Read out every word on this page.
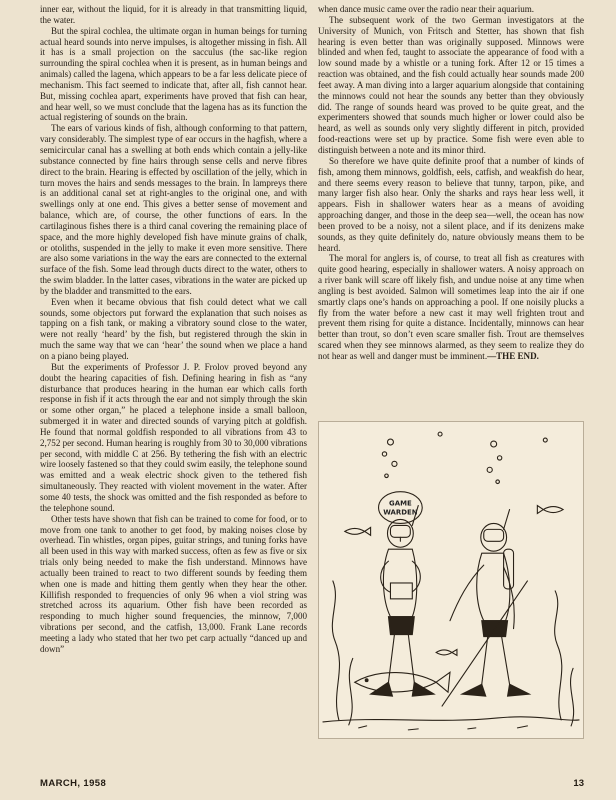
inner ear, without the liquid, for it is already in that transmitting liquid, the water.

But the spiral cochlea, the ultimate organ in human beings for turning actual heard sounds into nerve impulses, is altogether missing in fish. All it has is a small projection on the sacculus (the sac-like region surrounding the spiral cochlea when it is present, as in human beings and animals) called the lagena, which appears to be a far less delicate piece of mechanism. This fact seemed to indicate that, after all, fish cannot hear. But, missing cochlea apart, experiments have proved that fish can hear, and hear well, so we must conclude that the lagena has as its function the actual registering of sounds on the brain.

The ears of various kinds of fish, although conforming to that pattern, vary considerably. The simplest type of ear occurs in the hagfish, where a semicircular canal has a swelling at both ends which contain a jelly-like substance connected by fine hairs through sense cells and nerve fibres direct to the brain. Hearing is effected by oscillation of the jelly, which in turn moves the hairs and sends messages to the brain. In lampreys there is an additional canal set at right-angles to the original one, and with swellings only at one end. This gives a better sense of movement and balance, which are, of course, the other functions of ears. In the cartilaginous fishes there is a third canal covering the remaining place of space, and the more highly developed fish have minute grains of chalk, or otoliths, suspended in the jelly to make it even more sensitive. There are also some variations in the way the ears are connected to the external surface of the fish. Some lead through ducts direct to the water, others to the swim bladder. In the latter cases, vibrations in the water are picked up by the bladder and transmitted to the ears.

Even when it became obvious that fish could detect what we call sounds, some objectors put forward the explanation that such noises as tapping on a fish tank, or making a vibratory sound close to the water, were not really ‘heard’ by the fish, but registered through the skin in much the same way that we can ‘hear’ the sound when we place a hand on a piano being played.

But the experiments of Professor J. P. Frolov proved beyond any doubt the hearing capacities of fish. Defining hearing in fish as “any disturbance that produces hearing in the human ear which calls forth response in fish if it acts through the ear and not simply through the skin or some other organ,” he placed a telephone inside a small balloon, submerged it in water and directed sounds of varying pitch at goldfish. He found that normal goldfish responded to all vibrations from 43 to 2,752 per second. Human hearing is roughly from 30 to 30,000 vibrations per second, with middle C at 256. By tethering the fish with an electric wire loosely fastened so that they could swim easily, the telephone sound was emitted and a weak electric shock given to the tethered fish simultaneously. They reacted with violent movement in the water. After some 40 tests, the shock was omitted and the fish responded as before to the telephone sound.

Other tests have shown that fish can be trained to come for food, or to move from one tank to another to get food, by making noises close by overhead. Tin whistles, organ pipes, guitar strings, and tuning forks have all been used in this way with marked success, often as few as five or six trials only being needed to make the fish understand. Minnows have actually been trained to react to two different sounds by feeding them when one is made and hitting them gently when they hear the other. Killifish responded to frequencies of only 96 when a viol string was stretched across its aquarium. Other fish have been recorded as responding to much higher sound frequencies, the minnow, 7,000 vibrations per second, and the catfish, 13,000. Frank Lane records meeting a lady who stated that her two pet carp actually “danced up and down”

when dance music came over the radio near their aquarium.

The subsequent work of the two German investigators at the University of Munich, von Fritsch and Stetter, has shown that fish hearing is even better than was originally supposed. Minnows were blinded and when fed, taught to associate the appearance of food with a low sound made by a whistle or a tuning fork. After 12 or 15 times a reaction was obtained, and the fish could actually hear sounds made 200 feet away. A man diving into a larger aquarium alongside that containing the minnows could not hear the sounds any better than they obviously did. The range of sounds heard was proved to be quite great, and the experimenters showed that sounds much higher or lower could also be heard, as well as sounds only very slightly different in pitch, provided food-reactions were set up by practice. Some fish were even able to distinguish between a note and its minor third.

So therefore we have quite definite proof that a number of kinds of fish, among them minnows, goldfish, eels, catfish, and weakfish do hear, and there seems every reason to believe that tunny, tarpon, pike, and many larger fish also hear. Only the sharks and rays hear less well, it appears. Fish in shallower waters hear as a means of avoiding approaching danger, and those in the deep sea—well, the ocean has now been proved to be a noisy, not a silent place, and if its denizens make sounds, as they quite definitely do, nature obviously means them to be heard.

The moral for anglers is, of course, to treat all fish as creatures with quite good hearing, especially in shallower waters. A noisy approach on a river bank will scare off likely fish, and undue noise at any time when angling is best avoided. Salmon will sometimes leap into the air if one smartly claps one’s hands on approaching a pool. If one noisily plucks a fly from the water before a new cast it may well frighten trout and prevent them rising for quite a distance. Incidentally, minnows can hear better than trout, so don’t even scare smaller fish. Trout are themselves scared when they see minnows alarmed, as they seem to realize they do not hear as well and danger must be imminent.—THE END.

GAME
WARDEN
MARCH, 1958	13
